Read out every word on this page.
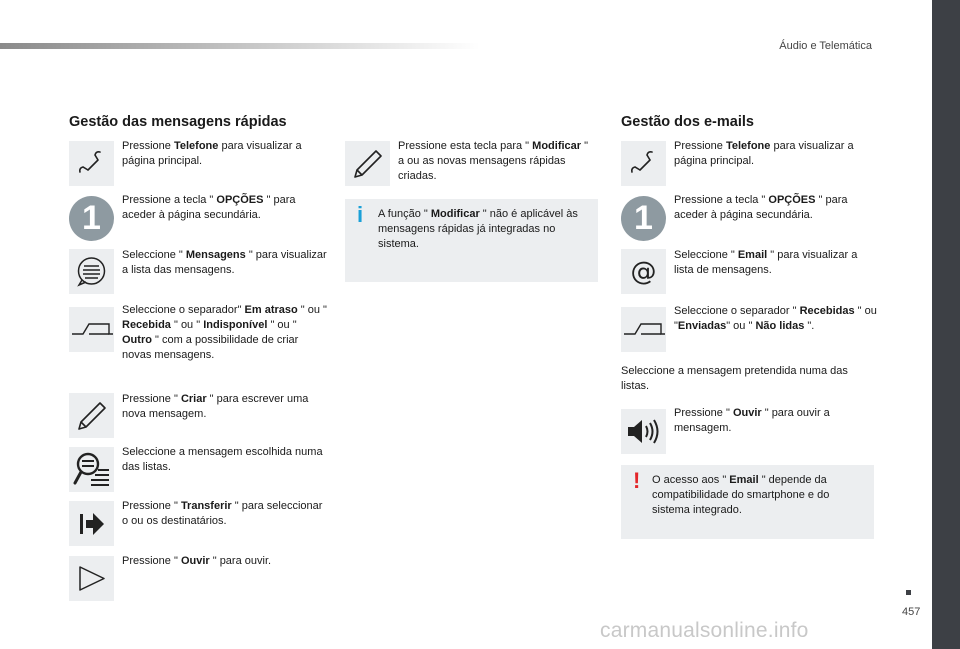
Áudio e Telemática
457
carmanualsonline.info
Gestão das mensagens rápidas
Pressione Telefone para visualizar a página principal.
1	Pressione a tecla " OPÇÕES " para aceder à página secundária.
Seleccione " Mensagens " para visualizar a lista das mensagens.
Seleccione o separador" Em atraso " ou " Recebida " ou " Indisponível " ou " Outro " com a possibilidade de criar novas mensagens.
Pressione " Criar " para escrever uma nova mensagem.
Seleccione a mensagem escolhida numa das listas.
Pressione " Transferir " para seleccionar o ou os destinatários.
Pressione " Ouvir " para ouvir.
Pressione esta tecla para " Modificar " a ou as novas mensagens rápidas criadas.
i A função " Modificar " não é aplicável às mensagens rápidas já integradas no sistema.
Gestão dos e-mails
Pressione Telefone para visualizar a página principal.
1	Pressione a tecla " OPÇÕES " para aceder à página secundária.
@
Seleccione " Email " para visualizar a lista de mensagens.
Seleccione o separador " Recebidas " ou "Enviadas" ou " Não lidas ".
Seleccione a mensagem pretendida numa das listas.
Pressione " Ouvir " para ouvir a mensagem.
! O acesso aos " Email " depende da compatibilidade do smartphone e do sistema integrado.
